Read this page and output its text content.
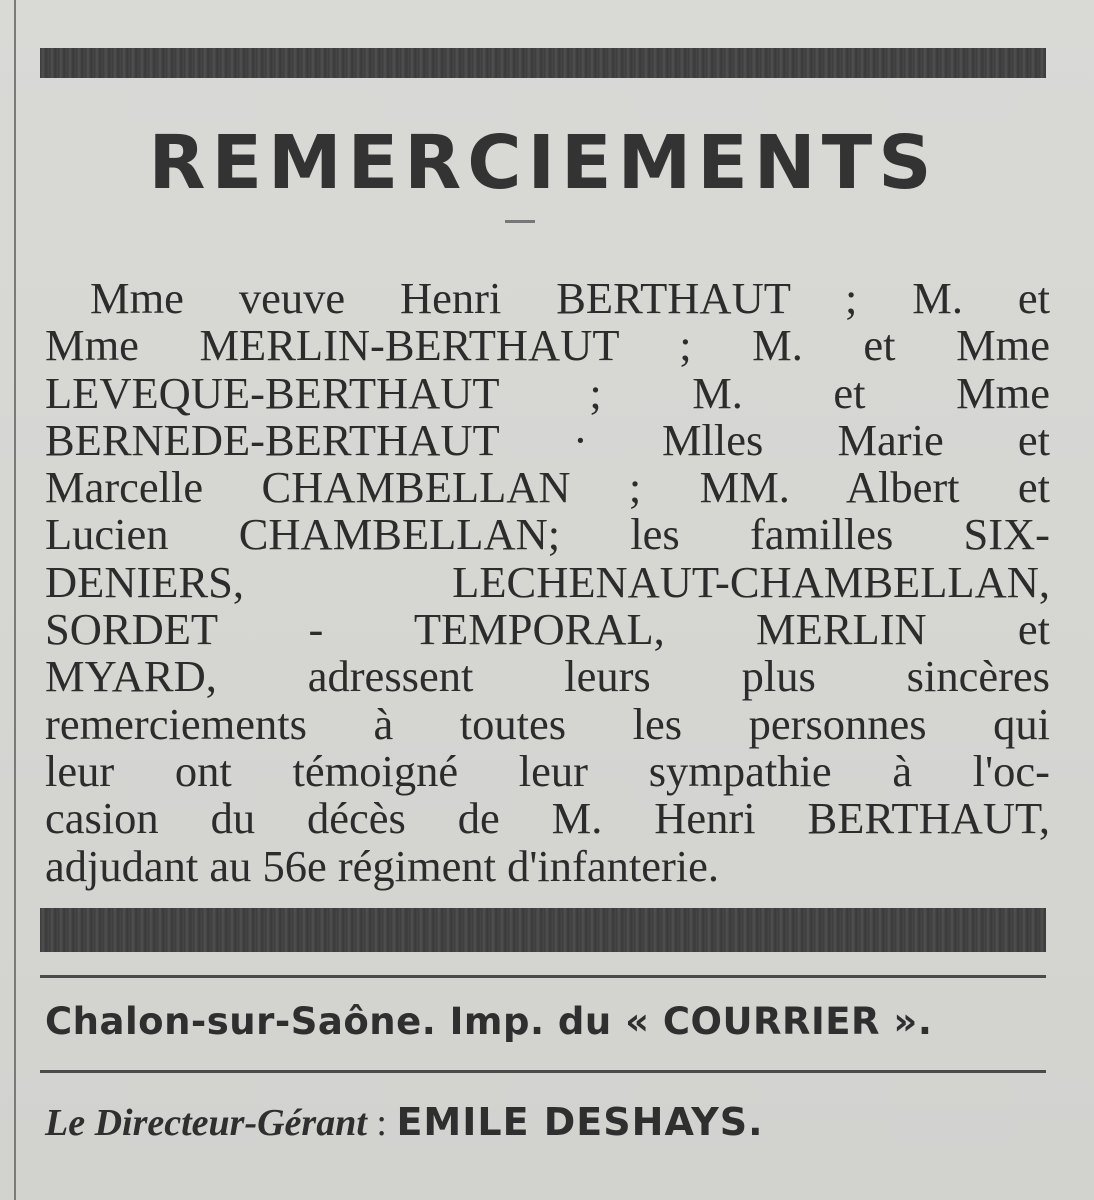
REMERCIEMENTS
Mme veuve Henri BERTHAUT ; M. et
Mme MERLIN-BERTHAUT ; M. et Mme
LEVEQUE-BERTHAUT ; M. et Mme
BERNEDE-BERTHAUT · Mlles Marie et
Marcelle CHAMBELLAN ; MM. Albert et
Lucien CHAMBELLAN; les familles SIX-
DENIERS, LECHENAUT-CHAMBELLAN,
SORDET - TEMPORAL, MERLIN et
MYARD, adressent leurs plus sincères
remerciements à toutes les personnes qui
leur ont témoigné leur sympathie à l'oc-
casion du décès de M. Henri BERTHAUT,
adjudant au 56e régiment d'infanterie.
Chalon-sur-Saône. Imp. du « COURRIER ».
Le Directeur-Gérant : EMILE DESHAYS.
